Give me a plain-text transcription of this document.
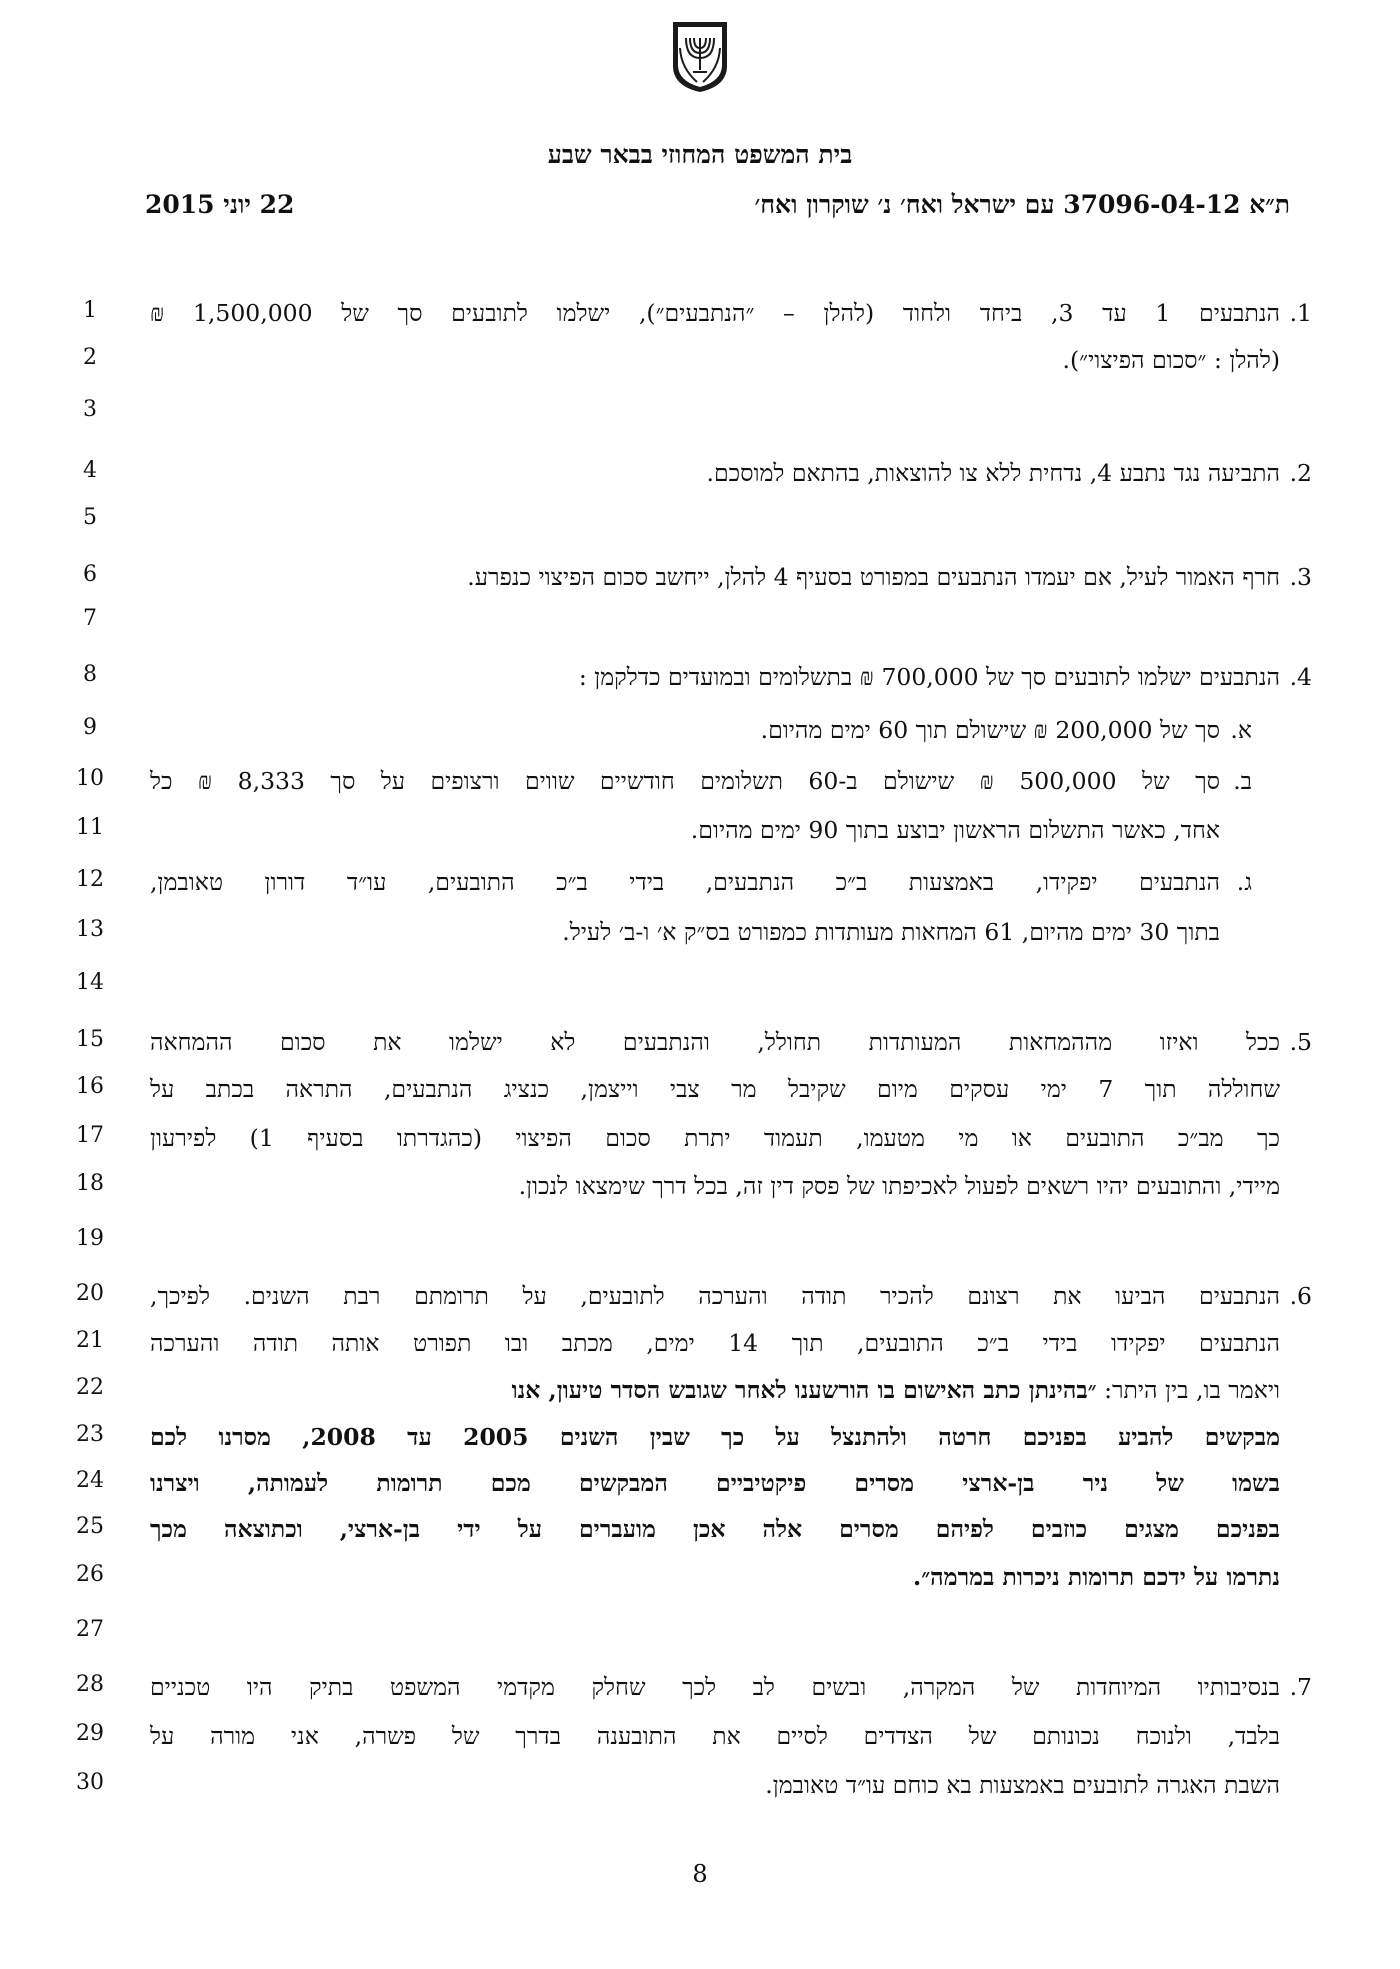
בית המשפט המחוזי בבאר שבע
22 יוני 2015	ת״א 37096-04-12 עם ישראל ואח׳ נ׳ שוקרון ואח׳
1
2
3
4
5
6
7
8
9
10
11
12
13
14
15
16
17
18
19
20
21
22
23
24
25
26
27
28
29
30
1.
הנתבעים 1 עד 3, ביחד ולחוד (להלן – ״הנתבעים״), ישלמו לתובעים סך של 1,500,000 ₪
(להלן : ״סכום הפיצוי״).
2.
התביעה נגד נתבע 4, נדחית ללא צו להוצאות, בהתאם למוסכם.
3.
חרף האמור לעיל, אם יעמדו הנתבעים במפורט בסעיף 4 להלן, ייחשב סכום הפיצוי כנפרע.
4.
הנתבעים ישלמו לתובעים סך של 700,000 ₪ בתשלומים ובמועדים כדלקמן :
א.
סך של 200,000 ₪ שישולם תוך 60 ימים מהיום.
ב.
סך של 500,000 ₪ שישולם ב-60 תשלומים חודשיים שווים ורצופים על סך 8,333 ₪ כל
אחד, כאשר התשלום הראשון יבוצע בתוך 90 ימים מהיום.
ג.
הנתבעים יפקידו, באמצעות ב״כ הנתבעים, בידי ב״כ התובעים, עו״ד דורון טאובמן,
בתוך 30 ימים מהיום, 61 המחאות מעותדות כמפורט בס״ק א׳ ו-ב׳ לעיל.
5.
ככל ואיזו מההמחאות המעותדות תחולל, והנתבעים לא ישלמו את סכום ההמחאה
שחוללה תוך 7 ימי עסקים מיום שקיבל מר צבי וייצמן, כנציג הנתבעים, התראה בכתב על
כך מב״כ התובעים או מי מטעמו, תעמוד יתרת סכום הפיצוי (כהגדרתו בסעיף 1) לפירעון
מיידי, והתובעים יהיו רשאים לפעול לאכיפתו של פסק דין זה, בכל דרך שימצאו לנכון.
6.
הנתבעים הביעו את רצונם להכיר תודה והערכה לתובעים, על תרומתם רבת השנים. לפיכך,
הנתבעים יפקידו בידי ב״כ התובעים, תוך 14 ימים, מכתב ובו תפורט אותה תודה והערכה
ויאמר בו, בין היתר: ״בהינתן כתב האישום בו הורשענו לאחר שגובש הסדר טיעון, אנו
מבקשים להביע בפניכם חרטה ולהתנצל על כך שבין השנים 2005 עד 2008, מסרנו לכם
בשמו של ניר בן-ארצי מסרים פיקטיביים המבקשים מכם תרומות לעמותה, ויצרנו
בפניכם מצגים כוזבים לפיהם מסרים אלה אכן מועברים על ידי בן-ארצי, וכתוצאה מכך
נתרמו על ידכם תרומות ניכרות במרמה״.
7.
בנסיבותיו המיוחדות של המקרה, ובשים לב לכך שחלק מקדמי המשפט בתיק היו טכניים
בלבד, ולנוכח נכונותם של הצדדים לסיים את התובענה בדרך של פשרה, אני מורה על
השבת האגרה לתובעים באמצעות בא כוחם עו״ד טאובמן.
8
